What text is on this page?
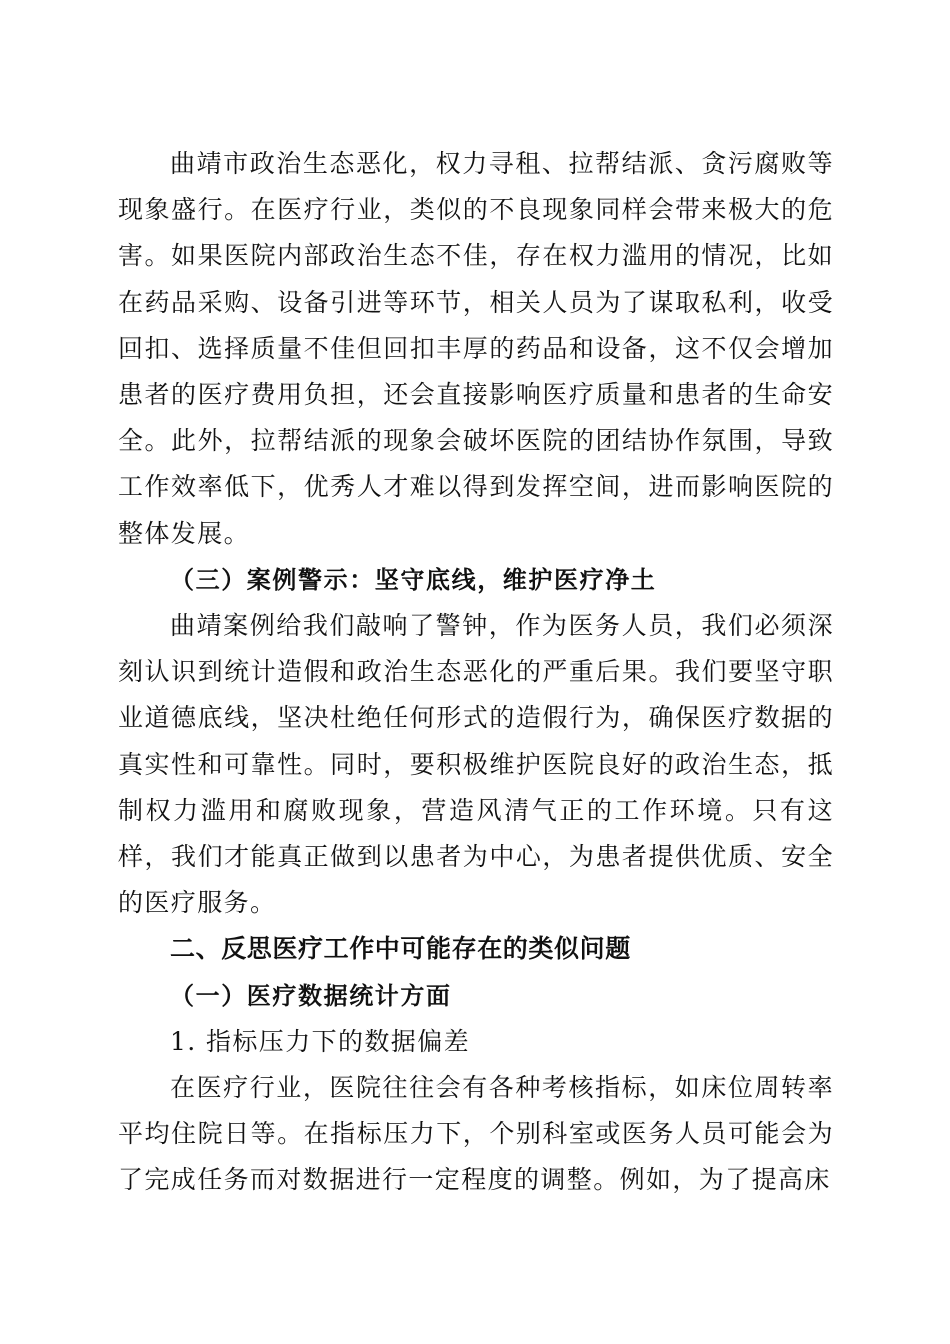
曲靖市政治生态恶化，权力寻租、拉帮结派、贪污腐败等现象盛行。在医疗行业，类似的不良现象同样会带来极大的危害。如果医院内部政治生态不佳，存在权力滥用的情况，比如在药品采购、设备引进等环节，相关人员为了谋取私利，收受回扣、选择质量不佳但回扣丰厚的药品和设备，这不仅会增加患者的医疗费用负担，还会直接影响医疗质量和患者的生命安全。此外，拉帮结派的现象会破坏医院的团结协作氛围，导致工作效率低下，优秀人才难以得到发挥空间，进而影响医院的整体发展。

（三）案例警示：坚守底线，维护医疗净土

曲靖案例给我们敲响了警钟，作为医务人员，我们必须深刻认识到统计造假和政治生态恶化的严重后果。我们要坚守职业道德底线，坚决杜绝任何形式的造假行为，确保医疗数据的真实性和可靠性。同时，要积极维护医院良好的政治生态，抵制权力滥用和腐败现象，营造风清气正的工作环境。只有这样，我们才能真正做到以患者为中心，为患者提供优质、安全的医疗服务。

二、反思医疗工作中可能存在的类似问题

（一）医疗数据统计方面

1. 指标压力下的数据偏差

在医疗行业，医院往往会有各种考核指标，如床位周转率平均住院日等。在指标压力下，个别科室或医务人员可能会为了完成任务而对数据进行一定程度的调整。例如，为了提高床
